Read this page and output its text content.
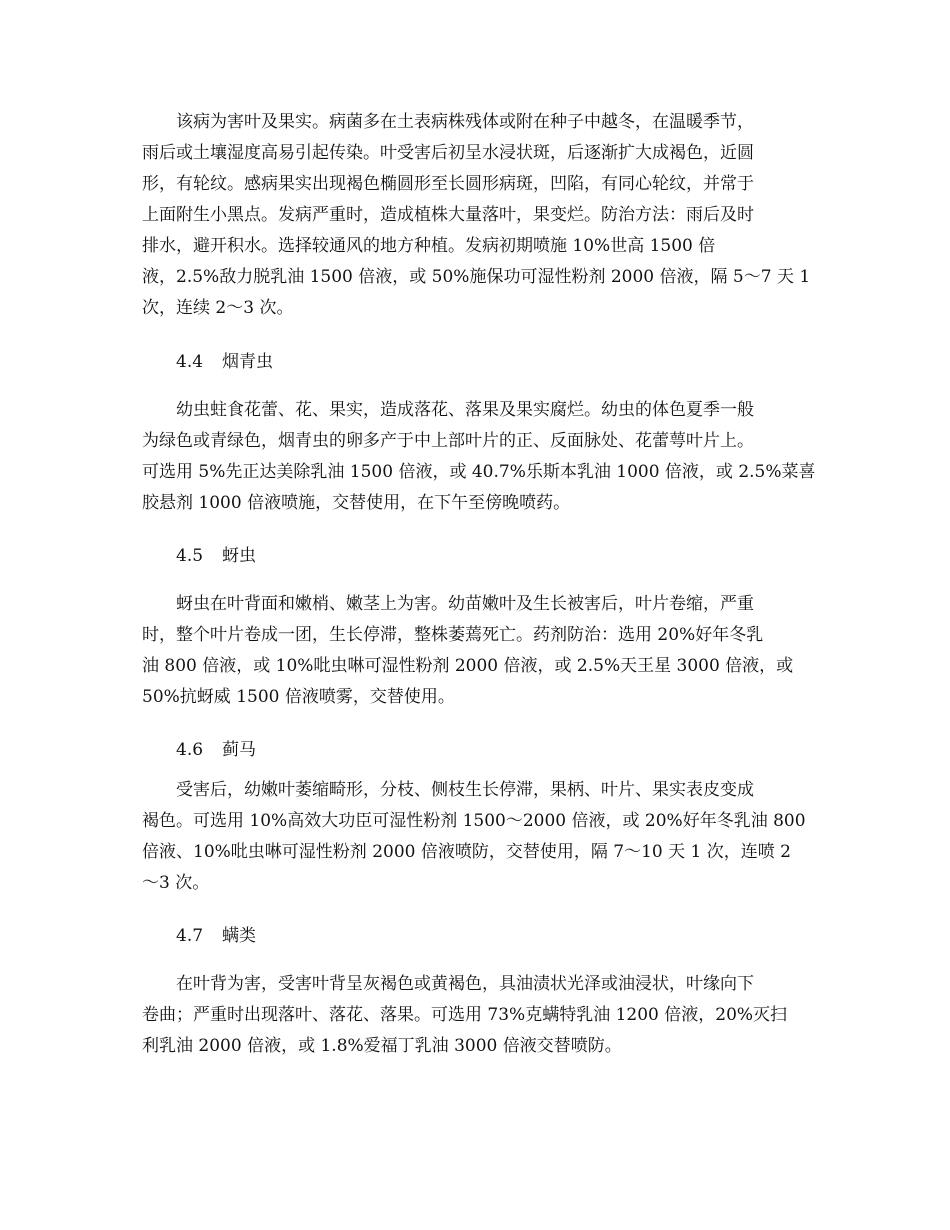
该病为害叶及果实。病菌多在土表病株残体或附在种子中越冬，在温暖季节，
雨后或土壤湿度高易引起传染。叶受害后初呈水浸状斑，后逐渐扩大成褐色，近圆
形，有轮纹。感病果实出现褐色椭圆形至长圆形病斑，凹陷，有同心轮纹，并常于
上面附生小黑点。发病严重时，造成植株大量落叶，果变烂。防治方法：雨后及时
排水，避开积水。选择较通风的地方种植。发病初期喷施 10%世高 1500 倍
液，2.5%敌力脱乳油 1500 倍液，或 50%施保功可湿性粉剂 2000 倍液，隔 5～7 天 1
次，连续 2～3 次。

4.4 烟青虫

幼虫蛀食花蕾、花、果实，造成落花、落果及果实腐烂。幼虫的体色夏季一般
为绿色或青绿色，烟青虫的卵多产于中上部叶片的正、反面脉处、花蕾萼叶片上。
可选用 5%先正达美除乳油 1500 倍液，或 40.7%乐斯本乳油 1000 倍液，或 2.5%菜喜
胶悬剂 1000 倍液喷施，交替使用，在下午至傍晚喷药。

4.5 蚜虫

蚜虫在叶背面和嫩梢、嫩茎上为害。幼苗嫩叶及生长被害后，叶片卷缩，严重
时，整个叶片卷成一团，生长停滞，整株萎蔫死亡。药剂防治：选用 20%好年冬乳
油 800 倍液，或 10%吡虫啉可湿性粉剂 2000 倍液，或 2.5%天王星 3000 倍液，或
50%抗蚜威 1500 倍液喷雾，交替使用。

4.6 蓟马

受害后，幼嫩叶萎缩畸形，分枝、侧枝生长停滞，果柄、叶片、果实表皮变成
褐色。可选用 10%高效大功臣可湿性粉剂 1500～2000 倍液，或 20%好年冬乳油 800
倍液、10%吡虫啉可湿性粉剂 2000 倍液喷防，交替使用，隔 7～10 天 1 次，连喷 2
～3 次。

4.7 螨类

在叶背为害，受害叶背呈灰褐色或黄褐色，具油渍状光泽或油浸状，叶缘向下
卷曲；严重时出现落叶、落花、落果。可选用 73%克螨特乳油 1200 倍液，20%灭扫
利乳油 2000 倍液，或 1.8%爱福丁乳油 3000 倍液交替喷防。
